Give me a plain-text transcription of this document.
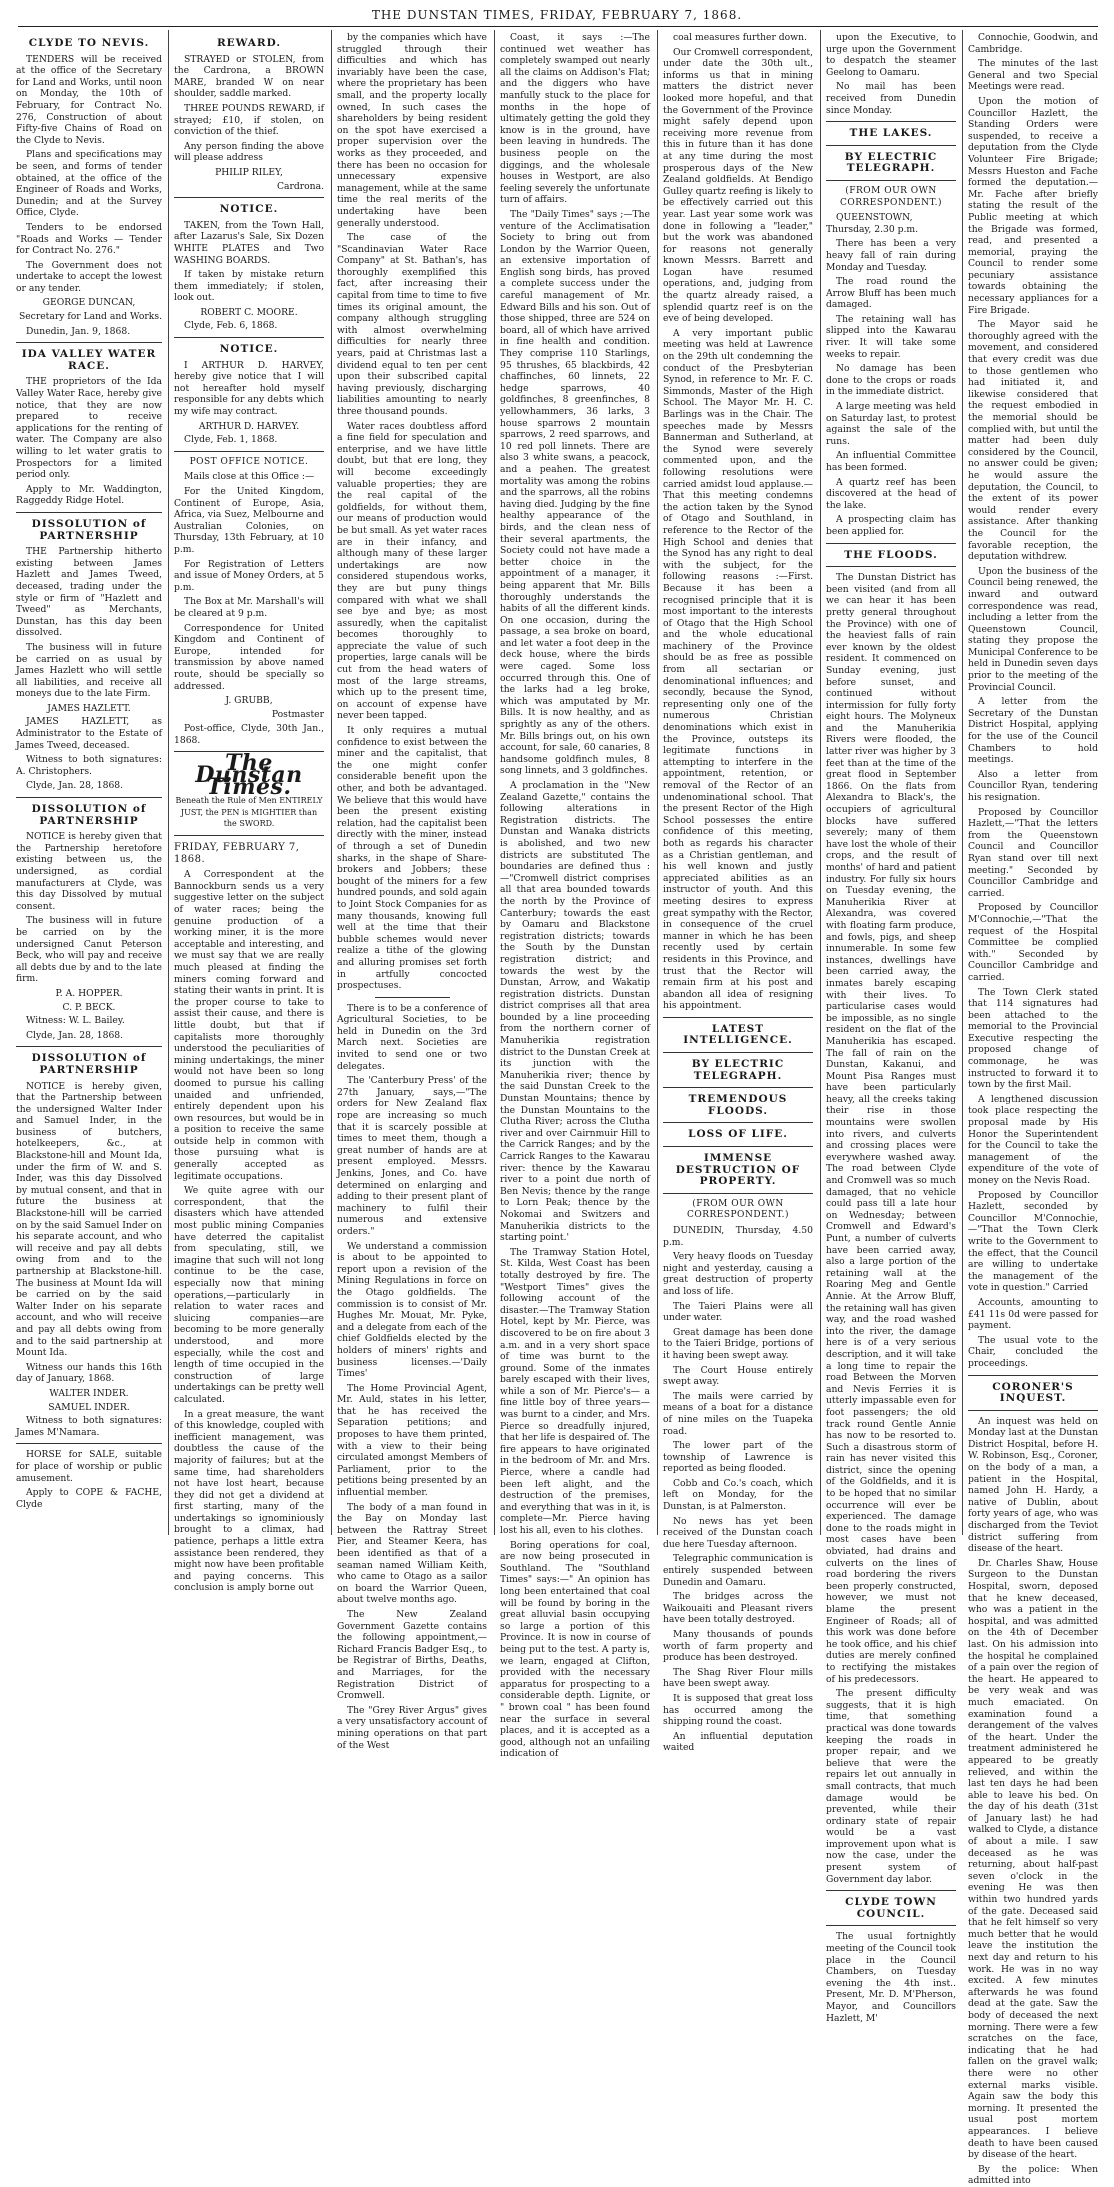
THE DUNSTAN TIMES, FRIDAY, FEBRUARY 7, 1868.
CLYDE TO NEVIS.

TENDERS will be received at the office of the Secretary for Land and Works, until noon on Monday, the 10th of February, for Contract No. 276, Construction of about Fifty-five Chains of Road on the Clyde to Nevis.

Plans and specifications may be seen, and forms of tender obtained, at the office of the Engineer of Roads and Works, Dunedin; and at the Survey Office, Clyde.

Tenders to be endorsed "Roads and Works — Tender for Contract No. 276."

The Government does not undertake to accept the lowest or any tender.

GEORGE DUNCAN,

Secretary for Land and Works.

Dunedin, Jan. 9, 1868.

IDA VALLEY WATER RACE.

THE proprietors of the Ida Valley Water Race, hereby give notice, that they are now prepared to receive applications for the renting of water. The Company are also willing to let water gratis to Prospectors for a limited period only.

Apply to Mr. Waddington, Raggeddy Ridge Hotel.

DISSOLUTION of PARTNERSHIP

THE Partnership hitherto existing between James Hazlett and James Tweed, deceased, trading under the style or firm of "Hazlett and Tweed" as Merchants, Dunstan, has this day been dissolved.

The business will in future be carried on as usual by James Hazlett who will settle all liabilities, and receive all moneys due to the late Firm.

JAMES HAZLETT.

JAMES HAZLETT, as Administrator to the Estate of James Tweed, deceased.

Witness to both signatures: A. Christophers.

Clyde, Jan. 28, 1868.

DISSOLUTION of PARTNERSHIP

NOTICE is hereby given that the Partnership heretofore existing between us, the undersigned, as cordial manufacturers at Clyde, was this day Dissolved by mutual consent.

The business will in future be carried on by the undersigned Canut Peterson Beck, who will pay and receive all debts due by and to the late firm.

P. A. HOPPER.

C. P. BECK.

Witness: W. L. Bailey.

Clyde, Jan. 28, 1868.

DISSOLUTION of PARTNERSHIP

NOTICE is hereby given, that the Partnership between the undersigned Walter Inder and Samuel Inder, in the business of butchers, hotelkeepers, &c., at Blackstone-hill and Mount Ida, under the firm of W. and S. Inder, was this day Dissolved by mutual consent, and that in future the business at Blackstone-hill will be carried on by the said Samuel Inder on his separate account, and who will receive and pay all debts owing from and to the partnership at Blackstone-hill. The business at Mount Ida will be carried on by the said Walter Inder on his separate account, and who will receive and pay all debts owing from and to the said partnership at Mount Ida.

Witness our hands this 16th day of January, 1868.

WALTER INDER.

SAMUEL INDER.

Witness to both signatures: James M'Namara.

HORSE for SALE, suitable for place of worship or public amusement.

Apply to COPE & FACHE, Clyde

REWARD.

STRAYED or STOLEN, from the Cardrona, a BROWN MARE, branded W on near shoulder, saddle marked.

THREE POUNDS REWARD, if strayed; £10, if stolen, on conviction of the thief.

Any person finding the above will please address

PHILIP RILEY,

Cardrona.

NOTICE.

TAKEN, from the Town Hall, after Lazarus's Sale, Six Dozen WHITE PLATES and Two WASHING BOARDS.

If taken by mistake return them immediately; if stolen, look out.

ROBERT C. MOORE.

Clyde, Feb. 6, 1868.

NOTICE.

I ARTHUR D. HARVEY, hereby give notice that I will not hereafter hold myself responsible for any debts which my wife may contract.

ARTHUR D. HARVEY.

Clyde, Feb. 1, 1868.

POST OFFICE NOTICE.

Mails close at this Office :—

For the United Kingdom, Continent of Europe, Asia, Africa, via Suez, Melbourne and Australian Colonies, on Thursday, 13th February, at 10 p.m.

For Registration of Letters and issue of Money Orders, at 5 p.m.

The Box at Mr. Marshall's will be cleared at 9 p.m.

Correspondence for United Kingdom and Continent of Europe, intended for transmission by above named route, should be specially so addressed.

J. GRUBB,

Postmaster

Post-office, Clyde, 30th Jan., 1868.

The Dunstan Times.

Beneath the Rule of Men ENTIRELY JUST, the PEN is MIGHTIER than the SWORD.

FRIDAY, FEBRUARY 7, 1868.

A Correspondent at the Bannockburn sends us a very suggestive letter on the subject of water races; being the genuine production of a working miner, it is the more acceptable and interesting, and we must say that we are really much pleased at finding the miners coming forward and stating their wants in print. It is the proper course to take to assist their cause, and there is little doubt, but that if capitalists more thoroughly understood the peculiarities of mining undertakings, the miner would not have been so long doomed to pursue his calling unaided and unfriended, entirely dependent upon his own resources, but would be in a position to receive the same outside help in common with those pursuing what is generally accepted as legitimate occupations.

We quite agree with our correspondent, that the disasters which have attended most public mining Companies have deterred the capitalist from speculating, still, we imagine that such will not long continue to be the case, especially now that mining operations,—particularly in relation to water races and sluicing companies—are becoming to be more generally understood, and more especially, while the cost and length of time occupied in the construction of large undertakings can be pretty well calculated.

In a great measure, the want of this knowledge, coupled with inefficient management, was doubtless the cause of the majority of failures; but at the same time, had shareholders not have lost heart, because they did not get a dividend at first starting, many of the undertakings so ignominiously brought to a climax, had patience, perhaps a little extra assistance been rendered, they might now have been profitable and paying concerns. This conclusion is amply borne out

by the companies which have struggled through their difficulties and which has invariably have been the case, where the proprietary has been small, and the property locally owned, In such cases the shareholders by being resident on the spot have exercised a proper supervision over the works as they proceeded, and there has been no occasion for unnecessary expensive management, while at the same time the real merits of the undertaking have been generally understood.

The case of the "Scandinavian Water Race Company" at St. Bathan's, has thoroughly exemplified this fact, after increasing their capital from time to time to five times its original amount, the company although struggling with almost overwhelming difficulties for nearly three years, paid at Christmas last a dividend equal to ten per cent upon their subscribed capital having previously, discharging liabilities amounting to nearly three thousand pounds.

Water races doubtless afford a fine field for speculation and enterprise, and we have little doubt, but that ere long, they will become exceedingly valuable properties; they are the real capital of the goldfields, for without them, our means of production would be but small. As yet water races are in their infancy, and although many of these larger undertakings are now considered stupendous works, they are but puny things compared with what we shall see bye and bye; as most assuredly, when the capitalist becomes thoroughly to appreciate the value of such properties, large canals will be cut from the head waters of most of the large streams, which up to the present time, on account of expense have never been tapped.

It only requires a mutual confidence to exist between the miner and the capitalist, that the one might confer considerable benefit upon the other, and both be advantaged. We believe that this would have been the present existing relation, had the capitalist been directly with the miner, instead of through a set of Dunedin sharks, in the shape of Share-brokers and Jobbers; these bought of the miners for a few hundred pounds, and sold again to Joint Stock Companies for as many thousands, knowing full well at the time that their bubble schemes would never realize a tithe of the glowing and alluring promises set forth in artfully concocted prospectuses.

There is to be a conference of Agricultural Societies, to be held in Dunedin on the 3rd March next. Societies are invited to send one or two delegates.

The 'Canterbury Press' of the 27th January, says,—"The orders for New Zealand flax rope are increasing so much that it is scarcely possible at times to meet them, though a great number of hands are at present employed. Messrs. Jenkins, Jones, and Co. have determined on enlarging and adding to their present plant of machinery to fulfil their numerous and extensive orders."

We understand a commission is about to be appointed to report upon a revision of the Mining Regulations in force on the Otago goldfields. The commission is to consist of Mr. Hughes Mr. Mouat, Mr. Pyke, and a delegate from each of the chief Goldfields elected by the holders of miners' rights and business licenses.—'Daily Times'

The Home Provincial Agent, Mr. Auld, states in his letter, that he has received the Separation petitions; and proposes to have them printed, with a view to their being circulated amongst Members of Parliament, prior to the petitions being presented by an influential member.

The body of a man found in the Bay on Monday last between the Rattray Street Pier, and Steamer Keera, has been identified as that of a seaman named William Keith, who came to Otago as a sailor on board the Warrior Queen, about twelve months ago.

The New Zealand Government Gazette contains the following appointment,—Richard Francis Badger Esq., to be Registrar of Births, Deaths, and Marriages, for the Registration District of Cromwell.

The "Grey River Argus" gives a very unsatisfactory account of mining operations on that part of the West

Coast, it says :—The continued wet weather has completely swamped out nearly all the claims on Addison's Flat; and the diggers who have manfully stuck to the place for months in the hope of ultimately getting the gold they know is in the ground, have been leaving in hundreds. The business people on the diggings, and the wholesale houses in Westport, are also feeling severely the unfortunate turn of affairs.

The "Daily Times" says ;—The venture of the Acclimatisation Society to bring out from London by the Warrior Queen, an extensive importation of English song birds, has proved a complete success under the careful management of Mr. Edward Bills and his son. Out of those shipped, three are 524 on board, all of which have arrived in fine health and condition. They comprise 110 Starlings, 95 thrushes, 65 blackbirds, 42 chaffinches, 60 linnets, 22 hedge sparrows, 40 goldfinches, 8 greenfinches, 8 yellowhammers, 36 larks, 3 house sparrows 2 mountain sparrows, 2 reed sparrows, and 10 red poll linnets. There are also 3 white swans, a peacock, and a peahen. The greatest mortality was among the robins and the sparrows, all the robins having died. Judging by the fine healthy appearance of the birds, and the clean ness of their several apartments, the Society could not have made a better choice in the appointment of a manager, it being apparent that Mr. Bills thoroughly understands the habits of all the different kinds. On one occasion, during the passage, a sea broke on board, and let water a foot deep in the deck house, where the birds were caged. Some loss occurred through this. One of the larks had a leg broke, which was amputated by Mr. Bills. It is now healthy, and as sprightly as any of the others. Mr. Bills brings out, on his own account, for sale, 60 canaries, 8 handsome goldfinch mules, 8 song linnets, and 3 goldfinches.

A proclamation in the "New Zealand Gazette," contains the following alterations in Registration districts. The Dunstan and Wanaka districts is abolished, and two new districts are substituted The boundaries are defined thus :—"Cromwell district comprises all that area bounded towards the north by the Province of Canterbury; towards the east by Oamaru and Blackstone registration districts; towards the South by the Dunstan registration district; and towards the west by the Dunstan, Arrow, and Wakatip registration districts. Dunstan district comprises all that area bounded by a line proceeding from the northern corner of Manuherikia registration district to the Dunstan Creek at its junction with the Manuherikia river; thence by the said Dunstan Creek to the Dunstan Mountains; thence by the Dunstan Mountains to the Clutha River; across the Clutha river and over Cairnmuir Hill to the Carrick Ranges; and by the Carrick Ranges to the Kawarau river: thence by the Kawarau river to a point due north of Ben Nevis; thence by the range to Lorn Peak; thence by the Nokomai and Switzers and Manuherikia districts to the starting point.'

The Tramway Station Hotel, St. Kilda, West Coast has been totally destroyed by fire. The "Westport Times" gives the following account of the disaster.—The Tramway Station Hotel, kept by Mr. Pierce, was discovered to be on fire about 3 a.m. and in a very short space of time was burnt to the ground. Some of the inmates barely escaped with their lives, while a son of Mr. Pierce's— a fine little boy of three years—was burnt to a cinder, and Mrs. Pierce so dreadfully injured, that her life is despaired of. The fire appears to have originated in the bedroom of Mr. and Mrs. Pierce, where a candle had been left alight, and the destruction of the premises, and everything that was in it, is complete—Mr. Pierce having lost his all, even to his clothes.

Boring operations for coal, are now being prosecuted in Southland. The "Southland Times" says:—" An opinion has long been entertained that coal will be found by boring in the great alluvial basin occupying so large a portion of this Province. It is now in course of being put to the test. A party is, we learn, engaged at Clifton, provided with the necessary apparatus for prospecting to a considerable depth. Lignite, or " brown coal " has been found near the surface in several places, and it is accepted as a good, although not an unfailing indication of

coal measures further down.

Our Cromwell correspondent, under date the 30th ult., informs us that in mining matters the district never looked more hopeful, and that the Government of the Province might safely depend upon receiving more revenue from this in future than it has done at any time during the most prosperous days of the New Zealand goldfields. At Bendigo Gulley quartz reefing is likely to be effectively carried out this year. Last year some work was done in following a "leader," but the work was abandoned for reasons not generally known Messrs. Barrett and Logan have resumed operations, and, judging from the quartz already raised, a splendid quartz reef is on the eve of being developed.

A very important public meeting was held at Lawrence on the 29th ult condemning the conduct of the Presbyterian Synod, in reference to Mr. F. C. Simmonds, Master of the High School. The Mayor Mr. H. C. Barlings was in the Chair. The speeches made by Messrs Bannerman and Sutherland, at the Synod were severely commented upon, and the following resolutions were carried amidst loud applause.—That this meeting condemns the action taken by the Synod of Otago and Southland, in reference to the Rector of the High School and denies that the Synod has any right to deal with the subject, for the following reasons :—First. Because it has been a recognised principle that it is most important to the interests of Otago that the High School and the whole educational machinery of the Province should be as free as possible from all sectarian or denominational influences; and secondly, because the Synod, representing only one of the numerous Christian denominations which exist in the Province, outsteps its legitimate functions in attempting to interfere in the appointment, retention, or removal of the Rector of an undenominational school. That the present Rector of the High School possesses the entire confidence of this meeting, both as regards his character as a Christian gentleman, and his well known and justly appreciated abilities as an instructor of youth. And this meeting desires to express great sympathy with the Rector, in consequence of the cruel manner in which he has been recently used by certain residents in this Province, and trust that the Rector will remain firm at his post and abandon all idea of resigning his appointment.

LATEST INTELLIGENCE.
BY ELECTRIC TELEGRAPH.
TREMENDOUS FLOODS.
LOSS OF LIFE.
IMMENSE DESTRUCTION OF PROPERTY.
(FROM OUR OWN CORRESPONDENT.)

DUNEDIN, Thursday, 4.50 p.m.

Very heavy floods on Tuesday night and yesterday, causing a great destruction of property and loss of life.

The Taieri Plains were all under water.

Great damage has been done to the Taieri Bridge, portions of it having been swept away.

The Court House entirely swept away.

The mails were carried by means of a boat for a distance of nine miles on the Tuapeka road.

The lower part of the township of Lawrence is reported as being flooded.

Cobb and Co.'s coach, which left on Monday, for the Dunstan, is at Palmerston.

No news has yet been received of the Dunstan coach due here Tuesday afternoon.

Telegraphic communication is entirely suspended between Dunedin and Oamaru.

The bridges across the Waikouaiti and Pleasant rivers have been totally destroyed.

Many thousands of pounds worth of farm property and produce has been destroyed.

The Shag River Flour mills have been swept away.

It is supposed that great loss has occurred among the shipping round the coast.

An influential deputation waited

upon the Executive, to urge upon the Government to despatch the steamer Geelong to Oamaru.

No mail has been received from Dunedin since Monday.

THE LAKES.
BY ELECTRIC TELEGRAPH.
(FROM OUR OWN CORRESPONDENT.)

QUEENSTOWN, Thursday, 2.30 p.m.

There has been a very heavy fall of rain during Monday and Tuesday.

The road round the Arrow Bluff has been much damaged.

The retaining wall has slipped into the Kawarau river. It will take some weeks to repair.

No damage has been done to the crops or roads in the immediate district.

A large meeting was held on Saturday last, to protest against the sale of the runs.

An influential Committee has been formed.

A quartz reef has been discovered at the head of the lake.

A prospecting claim has been applied for.

THE FLOODS.

The Dunstan District has been visited (and from all we can hear it has been pretty general throughout the Province) with one of the heaviest falls of rain ever known by the oldest resident. It commenced on Sunday evening, just before sunset, and continued without intermission for fully forty eight hours. The Molyneux and the Manuherikia Rivers were flooded, the latter river was higher by 3 feet than at the time of the great flood in September 1866. On the flats from Alexandra to Black's, the occupiers of agricultural blocks have suffered severely; many of them have lost the whole of their crops, and the result of months' of hard and patient industry. For fully six hours on Tuesday evening, the Manuherikia River at Alexandra, was covered with floating farm produce, and fowls, pigs, and sheep innumerable. In some few instances, dwellings have been carried away, the inmates barely escaping with their lives. To particularise cases would be impossible, as no single resident on the flat of the Manuherikia has escaped. The fall of rain on the Dunstan, Kakanui, and Mount Pisa Ranges must have been particularly heavy, all the creeks taking their rise in those mountains were swollen into rivers, and culverts and crossing places were everywhere washed away. The road between Clyde and Cromwell was so much damaged, that no vehicle could pass till a late hour on Wednesday; between Cromwell and Edward's Punt, a number of culverts have been carried away, also a large portion of the retaining wall at the Roaring Meg and Gentle Annie. At the Arrow Bluff, the retaining wall has given way, and the road washed into the river, the damage here is of a very serious description, and it will take a long time to repair the road Between the Morven and Nevis Ferries it is utterly impassable even for foot passengers; the old track round Gentle Annie has now to be resorted to. Such a disastrous storm of rain has never visited this district, since the opening of the Goldfields, and it is to be hoped that no similar occurrence will ever be experienced. The damage done to the roads might in most cases have been obviated, had drains and culverts on the lines of road bordering the rivers been properly constructed, however, we must not blame the present Engineer of Roads; all of this work was done before he took office, and his chief duties are merely confined to rectifying the mistakes of his predecessors.

The present difficulty suggests, that it is high time, that something practical was done towards keeping the roads in proper repair, and we believe that were the repairs let out annually in small contracts, that much damage would be prevented, while their ordinary state of repair would be a vast improvement upon what is now the case, under the present system of Government day labor.

CLYDE TOWN COUNCIL.

The usual fortnightly meeting of the Council took place in the Council Chambers, on Tuesday evening the 4th inst.. Present, Mr. D. M'Pherson, Mayor, and Councillors Hazlett, M'

Connochie, Goodwin, and Cambridge.

The minutes of the last General and two Special Meetings were read.

Upon the motion of Councillor Hazlett, the Standing Orders were suspended, to receive a deputation from the Clyde Volunteer Fire Brigade; Messrs Hueston and Fache formed the deputation.—Mr. Fache after briefly stating the result of the Public meeting at which the Brigade was formed, read, and presented a memorial, praying the Council to render some pecuniary assistance towards obtaining the necessary appliances for a Fire Brigade.

The Mayor said he thoroughly agreed with the movement, and considered that every credit was due to those gentlemen who had initiated it, and likewise considered that the request embodied in the memorial should be complied with, but until the matter had been duly considered by the Council, no answer could be given; he would assure the deputation, the Council, to the extent of its power would render every assistance. After thanking the Council for the favorable reception, the deputation withdrew.

Upon the business of the Council being renewed, the inward and outward correspondence was read, including a letter from the Queenstown Council, stating they propose the Municipal Conference to be held in Dunedin seven days prior to the meeting of the Provincial Council.

A letter from the Secretary of the Dunstan District Hospital, applying for the use of the Council Chambers to hold meetings.

Also a letter from Councillor Ryan, tendering his resignation.

Proposed by Councillor Hazlett,—"That the letters from the Queenstown Council and Councillor Ryan stand over till next meeting." Seconded by Councillor Cambridge and carried.

Proposed by Councillor M'Connochie,—"That the request of the Hospital Committee be complied with." Seconded by Councillor Cambridge and carried.

The Town Clerk stated that 114 signatures had been attached to the memorial to the Provincial Executive respecting the proposed change of commonage, he was instructed to forward it to town by the first Mail.

A lengthened discussion took place respecting the proposal made by His Honor the Superintendent for the Council to take the management of the expenditure of the vote of money on the Nevis Road.

Proposed by Councillor Hazlett, seconded by Councillor M'Connochie,—"That the Town Clerk write to the Government to the effect, that the Council are willing to undertake the management of the vote in question." Carried

Accounts, amounting to £41 11s 0d were passed for payment.

The usual vote to the Chair, concluded the proceedings.

CORONER'S INQUEST.

An inquest was held on Monday last at the Dunstan District Hospital, before H. W. Robinson, Esq., Coroner, on the body of a man, a patient in the Hospital, named John H. Hardy, a native of Dublin, about forty years of age, who was discharged from the Teviot district suffering from disease of the heart.

Dr. Charles Shaw, House Surgeon to the Dunstan Hospital, sworn, deposed that he knew deceased, who was a patient in the hospital, and was admitted on the 4th of December last. On his admission into the hospital he complained of a pain over the region of the heart. He appeared to be very weak and was much emaciated. On examination found a derangement of the valves of the heart. Under the treatment administered he appeared to be greatly relieved, and within the last ten days he had been able to leave his bed. On the day of his death (31st of January last) he had walked to Clyde, a distance of about a mile. I saw deceased as he was returning, about half-past seven o'clock in the evening He was then within two hundred yards of the gate. Deceased said that he felt himself so very much better that he would leave the institution the next day and return to his work. He was in no way excited. A few minutes afterwards he was found dead at the gate. Saw the body of deceased the next morning. There were a few scratches on the face, indicating that he had fallen on the gravel walk; there were no other external marks visible. Again saw the body this morning. It presented the usual post mortem appearances. I believe death to have been caused by disease of the heart.

By the police: When admitted into
